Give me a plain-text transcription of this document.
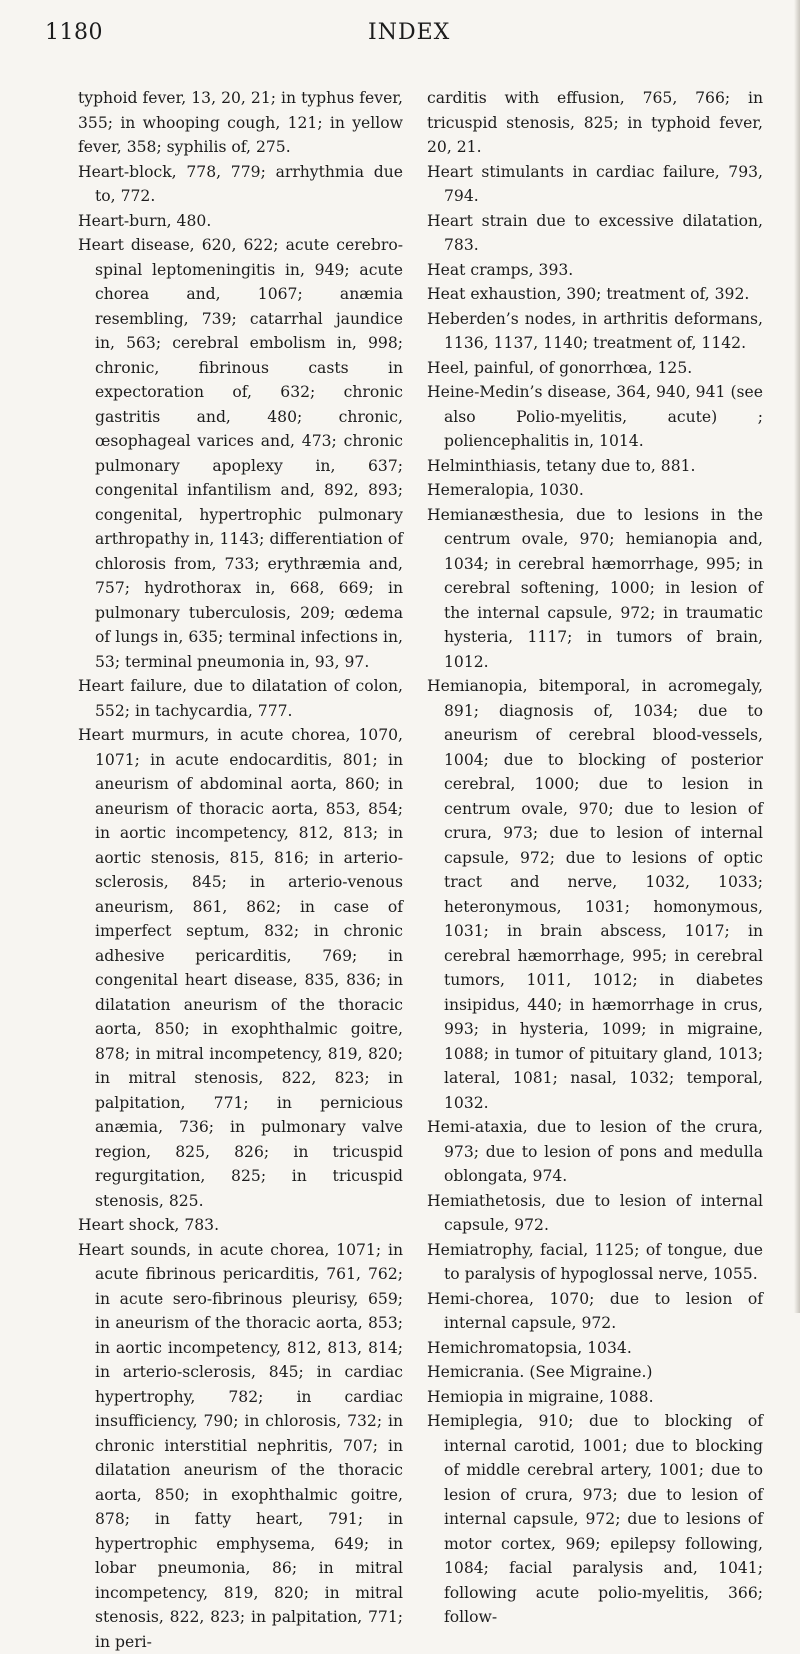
1180	INDEX

typhoid fever, 13, 20, 21; in typhus fever, 355; in whooping cough, 121; in yellow fever, 358; syphilis of, 275.

Heart-block, 778, 779; arrhythmia due to, 772.

Heart-burn, 480.

Heart disease, 620, 622; acute cerebro-spinal leptomeningitis in, 949; acute chorea and, 1067; anæmia resembling, 739; catarrhal jaundice in, 563; cerebral embolism in, 998; chronic, fibrinous casts in expectoration of, 632; chronic gastritis and, 480; chronic, œsophageal varices and, 473; chronic pulmonary apoplexy in, 637; congenital infantilism and, 892, 893; congenital, hypertrophic pulmonary arthropathy in, 1143; differentiation of chlorosis from, 733; erythræmia and, 757; hydrothorax in, 668, 669; in pulmonary tuberculosis, 209; œdema of lungs in, 635; terminal infections in, 53; terminal pneumonia in, 93, 97.

Heart failure, due to dilatation of colon, 552; in tachycardia, 777.

Heart murmurs, in acute chorea, 1070, 1071; in acute endocarditis, 801; in aneurism of abdominal aorta, 860; in aneurism of thoracic aorta, 853, 854; in aortic incompetency, 812, 813; in aortic stenosis, 815, 816; in arterio-sclerosis, 845; in arterio-venous aneurism, 861, 862; in case of imperfect septum, 832; in chronic adhesive pericarditis, 769; in congenital heart disease, 835, 836; in dilatation aneurism of the thoracic aorta, 850; in exophthalmic goitre, 878; in mitral incompetency, 819, 820; in mitral stenosis, 822, 823; in palpitation, 771; in pernicious anæmia, 736; in pulmonary valve region, 825, 826; in tricuspid regurgitation, 825; in tricuspid stenosis, 825.

Heart shock, 783.

Heart sounds, in acute chorea, 1071; in acute fibrinous pericarditis, 761, 762; in acute sero-fibrinous pleurisy, 659; in aneurism of the thoracic aorta, 853; in aortic incompetency, 812, 813, 814; in arterio-sclerosis, 845; in cardiac hypertrophy, 782; in cardiac insufficiency, 790; in chlorosis, 732; in chronic interstitial nephritis, 707; in dilatation aneurism of the thoracic aorta, 850; in exophthalmic goitre, 878; in fatty heart, 791; in hypertrophic emphysema, 649; in lobar pneumonia, 86; in mitral incompetency, 819, 820; in mitral stenosis, 822, 823; in palpitation, 771; in peri-

carditis with effusion, 765, 766; in tricuspid stenosis, 825; in typhoid fever, 20, 21.

Heart stimulants in cardiac failure, 793, 794.

Heart strain due to excessive dilatation, 783.

Heat cramps, 393.

Heat exhaustion, 390; treatment of, 392.

Heberden’s nodes, in arthritis deformans, 1136, 1137, 1140; treatment of, 1142.

Heel, painful, of gonorrhœa, 125.

Heine-Medin’s disease, 364, 940, 941 (see also Polio-myelitis, acute) ; poliencephalitis in, 1014.

Helminthiasis, tetany due to, 881.

Hemeralopia, 1030.

Hemianæsthesia, due to lesions in the centrum ovale, 970; hemianopia and, 1034; in cerebral hæmorrhage, 995; in cerebral softening, 1000; in lesion of the internal capsule, 972; in traumatic hysteria, 1117; in tumors of brain, 1012.

Hemianopia, bitemporal, in acromegaly, 891; diagnosis of, 1034; due to aneurism of cerebral blood-vessels, 1004; due to blocking of posterior cerebral, 1000; due to lesion in centrum ovale, 970; due to lesion of crura, 973; due to lesion of internal capsule, 972; due to lesions of optic tract and nerve, 1032, 1033; heteronymous, 1031; homonymous, 1031; in brain abscess, 1017; in cerebral hæmorrhage, 995; in cerebral tumors, 1011, 1012; in diabetes insipidus, 440; in hæmorrhage in crus, 993; in hysteria, 1099; in migraine, 1088; in tumor of pituitary gland, 1013; lateral, 1081; nasal, 1032; temporal, 1032.

Hemi-ataxia, due to lesion of the crura, 973; due to lesion of pons and medulla oblongata, 974.

Hemiathetosis, due to lesion of internal capsule, 972.

Hemiatrophy, facial, 1125; of tongue, due to paralysis of hypoglossal nerve, 1055.

Hemi-chorea, 1070; due to lesion of internal capsule, 972.

Hemichromatopsia, 1034.

Hemicrania. (See Migraine.)

Hemiopia in migraine, 1088.

Hemiplegia, 910; due to blocking of internal carotid, 1001; due to blocking of middle cerebral artery, 1001; due to lesion of crura, 973; due to lesion of internal capsule, 972; due to lesions of motor cortex, 969; epilepsy following, 1084; facial paralysis and, 1041; following acute polio-myelitis, 366; follow-
